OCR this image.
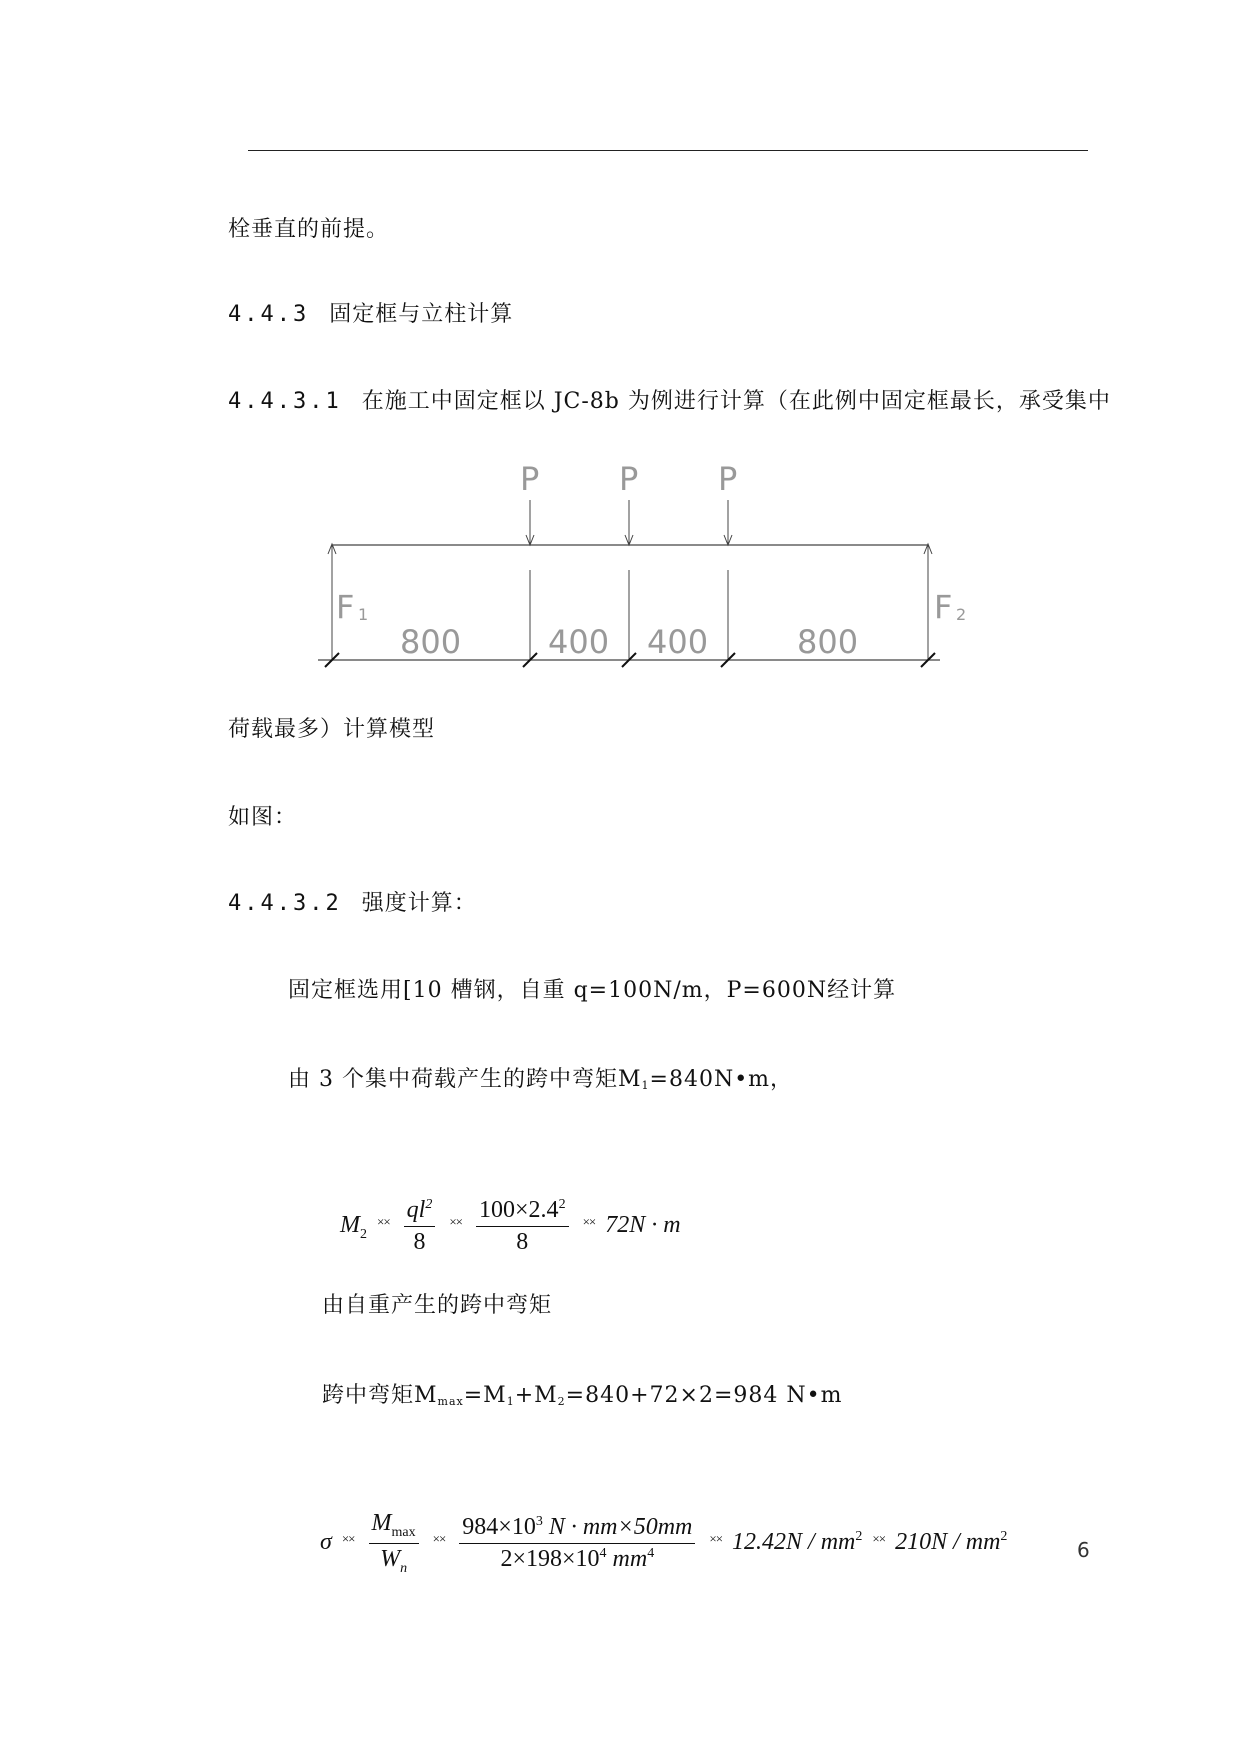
栓垂直的前提。
4.4.3 固定框与立柱计算
4.4.3.1 在施工中固定框以 JC-8b 为例进行计算（在此例中固定框最长，承受集中
P P P
F 1	F 2
800	400 400	800
荷载最多）计算模型
如图：
4.4.3.2 强度计算：
固定框选用[10 槽钢，自重 q=100N/m，P=600N经计算
由 3 个集中荷载产生的跨中弯矩$M_1=840N•m$，
$M_2$ $^{\times\times} \frac{ql^2}{8} ^{\times\times} \frac{100\times 2.4^2}{8} ^{\times\times}$ 72N · m
由自重产生的跨中弯矩
跨中弯矩$M_{max}=M_1+M_2=840+72\times 2=984$ N•m
σ $^{\times\times} \frac{M_{max}}{W_n} ^{\times\times} \frac{984\times 10^3 N \cdot mm\times 50mm}{2\times 198\times 10^4 mm^4} ^{\times\times}$ $12.42N / mm^2$ ×× $210N / mm^2$
6
